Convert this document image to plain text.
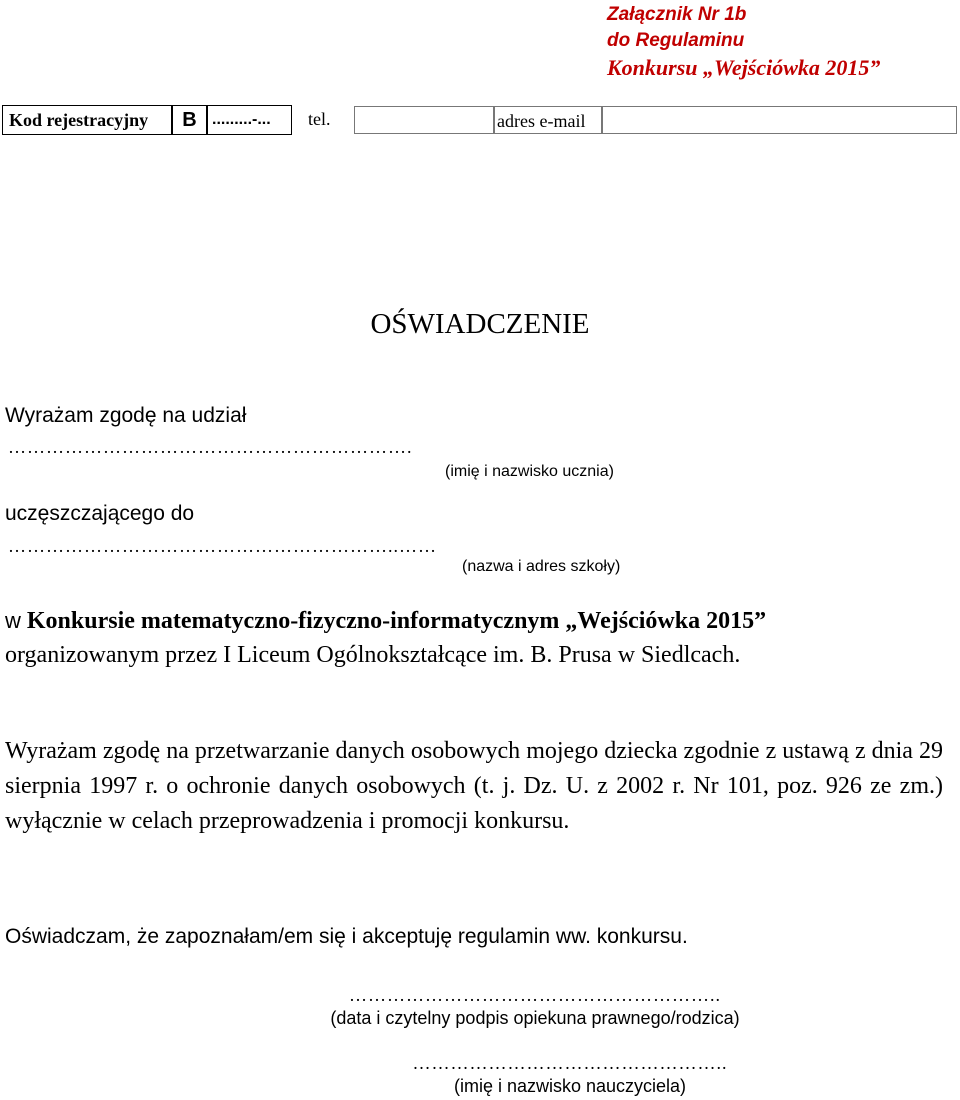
Załącznik Nr 1b
do Regulaminu
Konkursu „Wejściówka 2015”
Kod rejestracyjny	B .........-...	tel.	adres e-mail
OŚWIADCZENIE
Wyrażam zgodę na udział
……………………………………………………….
(imię i nazwisko ucznia)
uczęszczającego do
……………………………………………………..……
(nazwa i adres szkoły)
w Konkursie matematyczno-fizyczno-informatycznym „Wejściówka 2015”
organizowanym przez I Liceum Ogólnokształcące im. B. Prusa w Siedlcach.
Wyrażam zgodę na przetwarzanie danych osobowych mojego dziecka zgodnie z ustawą z dnia 29 sierpnia 1997 r. o ochronie danych osobowych (t. j. Dz. U. z 2002 r. Nr 101, poz. 926 ze zm.) wyłącznie w celach przeprowadzenia i promocji konkursu.
Oświadczam, że zapoznałam/em się i akceptuję regulamin ww. konkursu.
…………………………………………………..
(data i czytelny podpis opiekuna prawnego/rodzica)
…………………………………………..
(imię i nazwisko nauczyciela)
